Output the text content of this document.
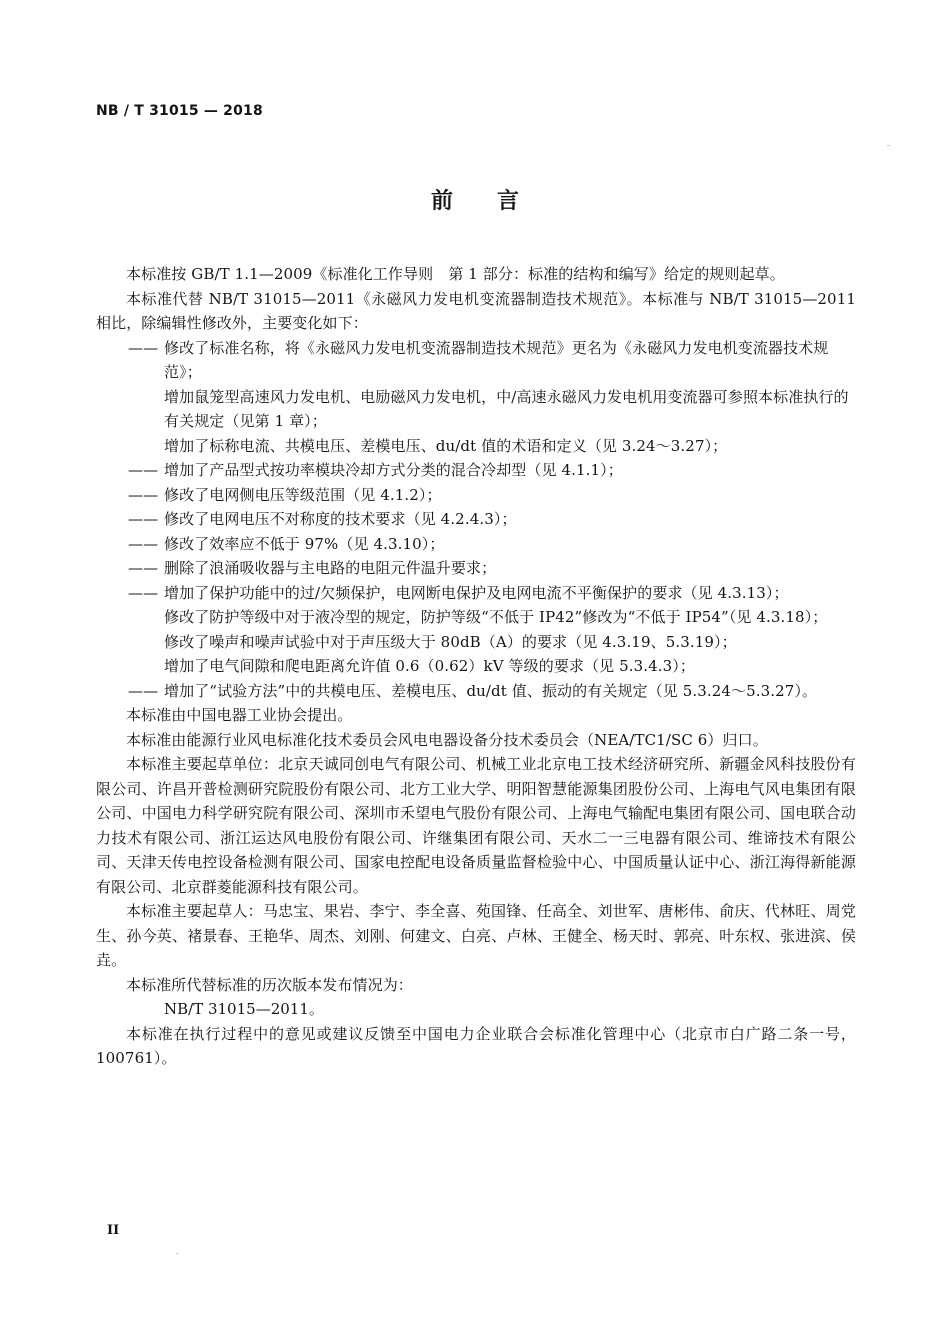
NB / T 31015 — 2018
前言

本标准按 GB/T 1.1—2009《标准化工作导则　第 1 部分：标准的结构和编写》给定的规则起草。

本标准代替 NB/T 31015—2011《永磁风力发电机变流器制造技术规范》。本标准与 NB/T 31015—2011 相比，除编辑性修改外，主要变化如下：

—— 修改了标准名称，将《永磁风力发电机变流器制造技术规范》更名为《永磁风力发电机变流器技术规范》；
增加鼠笼型高速风力发电机、电励磁风力发电机，中/高速永磁风力发电机用变流器可参照本标准执行的有关规定（见第 1 章）；
增加了标称电流、共模电压、差模电压、du/dt 值的术语和定义（见 3.24～3.27）；
—— 增加了产品型式按功率模块冷却方式分类的混合冷却型（见 4.1.1）；
—— 修改了电网侧电压等级范围（见 4.1.2）；
—— 修改了电网电压不对称度的技术要求（见 4.2.4.3）；
—— 修改了效率应不低于 97%（见 4.3.10）；
—— 删除了浪涌吸收器与主电路的电阻元件温升要求；
—— 增加了保护功能中的过/欠频保护，电网断电保护及电网电流不平衡保护的要求（见 4.3.13）；
修改了防护等级中对于液冷型的规定，防护等级“不低于 IP42”修改为“不低于 IP54”（见 4.3.18）；
修改了噪声和噪声试验中对于声压级大于 80dB（A）的要求（见 4.3.19、5.3.19）；
增加了电气间隙和爬电距离允许值 0.6（0.62）kV 等级的要求（见 5.3.4.3）；
—— 增加了“试验方法”中的共模电压、差模电压、du/dt 值、振动的有关规定（见 5.3.24～5.3.27）。

本标准由中国电器工业协会提出。

本标准由能源行业风电标准化技术委员会风电电器设备分技术委员会（NEA/TC1/SC 6）归口。

本标准主要起草单位：北京天诚同创电气有限公司、机械工业北京电工技术经济研究所、新疆金风科技股份有限公司、许昌开普检测研究院股份有限公司、北方工业大学、明阳智慧能源集团股份公司、上海电气风电集团有限公司、中国电力科学研究院有限公司、深圳市禾望电气股份有限公司、上海电气输配电集团有限公司、国电联合动力技术有限公司、浙江运达风电股份有限公司、许继集团有限公司、天水二一三电器有限公司、维谛技术有限公司、天津天传电控设备检测有限公司、国家电控配电设备质量监督检验中心、中国质量认证中心、浙江海得新能源有限公司、北京群菱能源科技有限公司。

本标准主要起草人：马忠宝、果岩、李宁、李全喜、苑国锋、任高全、刘世军、唐彬伟、俞庆、代林旺、周党生、孙今英、褚景春、王艳华、周杰、刘刚、何建文、白亮、卢林、王健全、杨天时、郭亮、叶东权、张进滨、侯垚。

本标准所代替标准的历次版本发布情况为：

NB/T 31015—2011。

本标准在执行过程中的意见或建议反馈至中国电力企业联合会标准化管理中心（北京市白广路二条一号，100761）。

II
